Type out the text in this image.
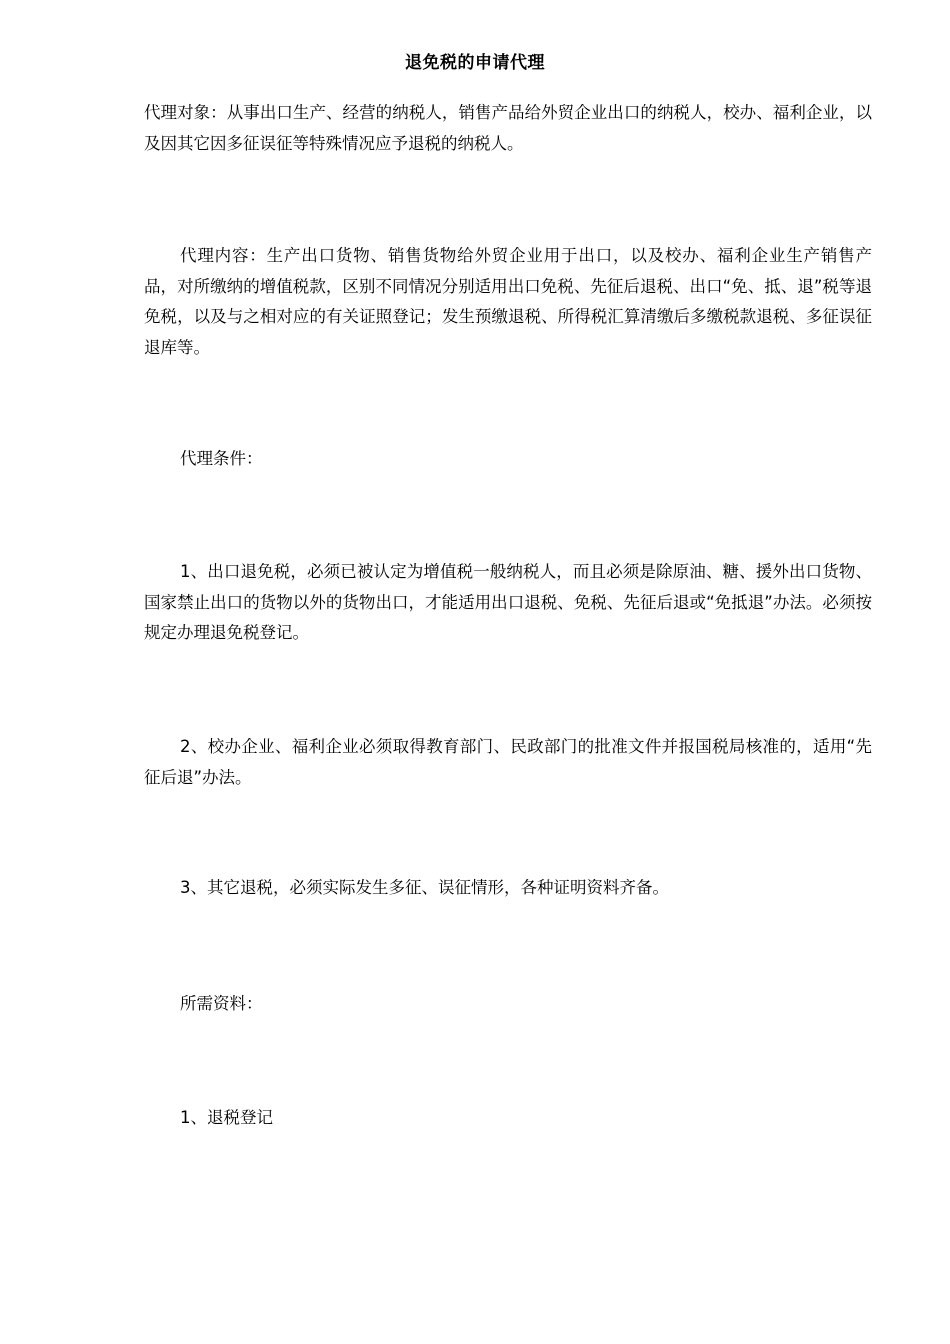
退免税的申请代理

代理对象：从事出口生产、经营的纳税人，销售产品给外贸企业出口的纳税人，校办、福利企业，以及因其它因多征误征等特殊情况应予退税的纳税人。

代理内容：生产出口货物、销售货物给外贸企业用于出口，以及校办、福利企业生产销售产品，对所缴纳的增值税款，区别不同情况分别适用出口免税、先征后退税、出口“免、抵、退”税等退免税，以及与之相对应的有关证照登记；发生预缴退税、所得税汇算清缴后多缴税款退税、多征误征退库等。

代理条件：

1、出口退免税，必须已被认定为增值税一般纳税人，而且必须是除原油、糖、援外出口货物、国家禁止出口的货物以外的货物出口，才能适用出口退税、免税、先征后退或“免抵退”办法。必须按规定办理退免税登记。

2、校办企业、福利企业必须取得教育部门、民政部门的批准文件并报国税局核准的，适用“先征后退”办法。

3、其它退税，必须实际发生多征、误征情形，各种证明资料齐备。

所需资料：

1、退税登记
